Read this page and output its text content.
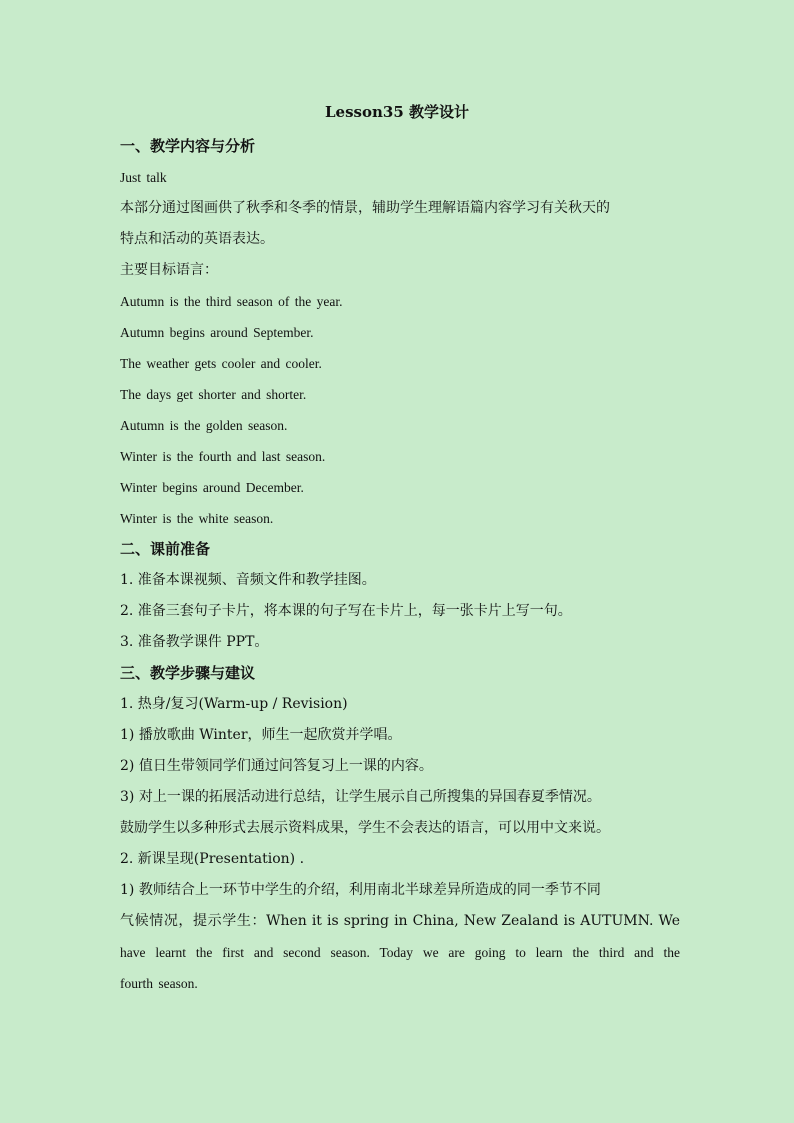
Lesson35 教学设计
一、教学内容与分析
Just talk
本部分通过图画供了秋季和冬季的情景，辅助学生理解语篇内容学习有关秋天的
特点和活动的英语表达。
主要目标语言：
Autumn is the third season of the year.
Autumn begins around September.
The weather gets cooler and cooler.
The days get shorter and shorter.
Autumn is the golden season.
Winter is the fourth and last season.
Winter begins around December.
Winter is the white season.
二、课前准备
1. 准备本课视频、音频文件和教学挂图。
2. 准备三套句子卡片，将本课的句子写在卡片上，每一张卡片上写一句。
3. 准备教学课件 PPT。
三、教学步骤与建议
1. 热身/复习(Warm-up / Revision)
1) 播放歌曲 Winter，师生一起欣赏并学唱。
2) 值日生带领同学们通过问答复习上一课的内容。
3) 对上一课的拓展活动进行总结，让学生展示自己所搜集的异国春夏季情况。
鼓励学生以多种形式去展示资料成果，学生不会表达的语言，可以用中文来说。
2. 新课呈现(Presentation) .
1) 教师结合上一环节中学生的介绍，利用南北半球差异所造成的同一季节不同
气候情况，提示学生：When it is spring in China, New Zealand is AUTUMN. We
have learnt the first and second season. Today we are going to learn the third and the
fourth season.
